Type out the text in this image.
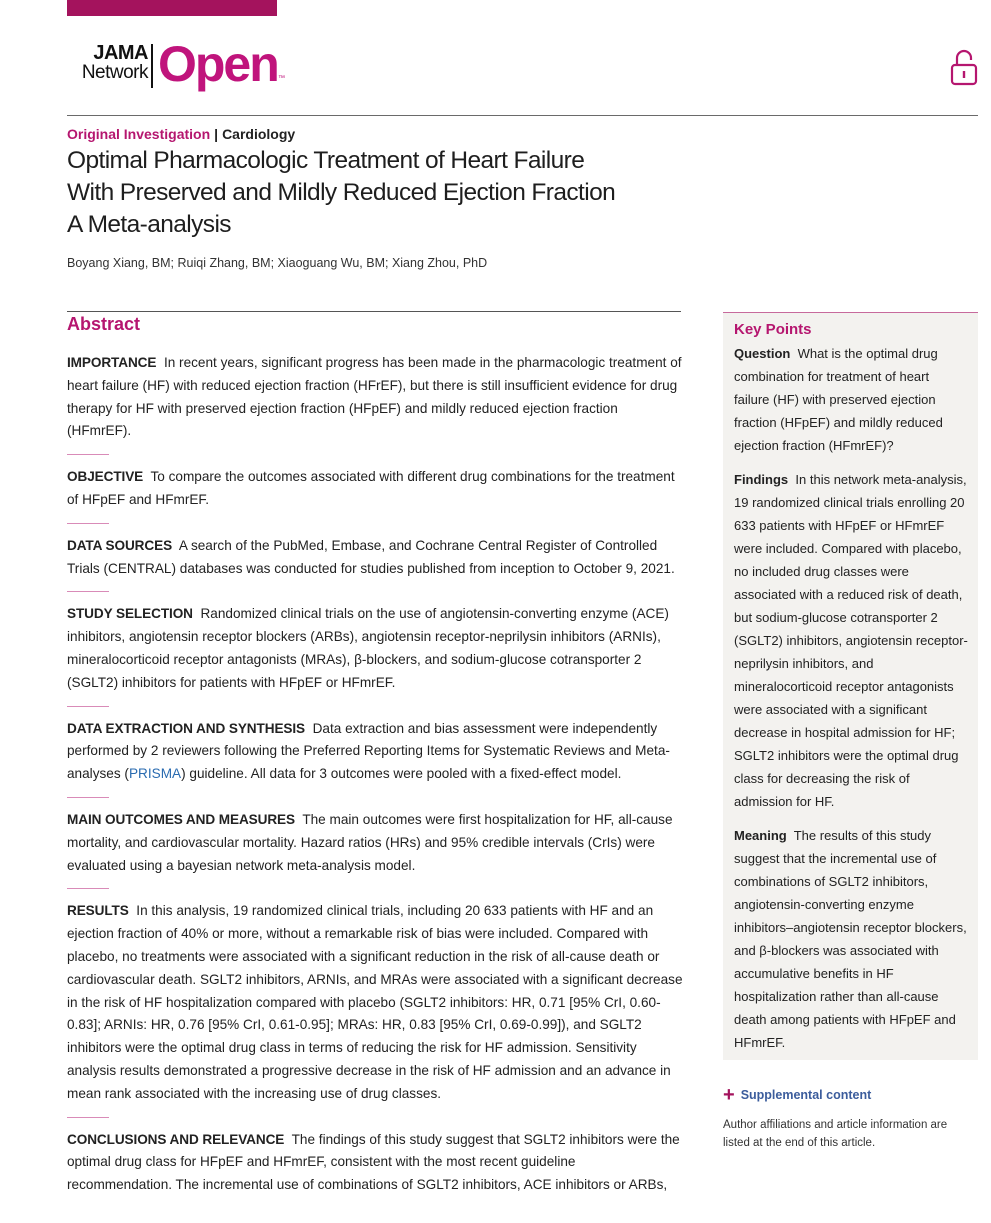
JAMA
Network Open ™
Original Investigation | Cardiology
Optimal Pharmacologic Treatment of Heart Failure
With Preserved and Mildly Reduced Ejection Fraction
A Meta-analysis
Boyang Xiang, BM; Ruiqi Zhang, BM; Xiaoguang Wu, BM; Xiang Zhou, PhD
Abstract

IMPORTANCE In recent years, significant progress has been made in the pharmacologic treatment of heart failure (HF) with reduced ejection fraction (HFrEF), but there is still insufficient evidence for drug therapy for HF with preserved ejection fraction (HFpEF) and mildly reduced ejection fraction (HFmrEF).

OBJECTIVE To compare the outcomes associated with different drug combinations for the treatment of HFpEF and HFmrEF.

DATA SOURCES A search of the PubMed, Embase, and Cochrane Central Register of Controlled Trials (CENTRAL) databases was conducted for studies published from inception to October 9, 2021.

STUDY SELECTION Randomized clinical trials on the use of angiotensin-converting enzyme (ACE) inhibitors, angiotensin receptor blockers (ARBs), angiotensin receptor-neprilysin inhibitors (ARNIs), mineralocorticoid receptor antagonists (MRAs), β-blockers, and sodium-glucose cotransporter 2 (SGLT2) inhibitors for patients with HFpEF or HFmrEF.

DATA EXTRACTION AND SYNTHESIS Data extraction and bias assessment were independently performed by 2 reviewers following the Preferred Reporting Items for Systematic Reviews and Meta-analyses (PRISMA) guideline. All data for 3 outcomes were pooled with a fixed-effect model.

MAIN OUTCOMES AND MEASURES The main outcomes were first hospitalization for HF, all-cause mortality, and cardiovascular mortality. Hazard ratios (HRs) and 95% credible intervals (CrIs) were evaluated using a bayesian network meta-analysis model.

RESULTS In this analysis, 19 randomized clinical trials, including 20 633 patients with HF and an ejection fraction of 40% or more, without a remarkable risk of bias were included. Compared with placebo, no treatments were associated with a significant reduction in the risk of all-cause death or cardiovascular death. SGLT2 inhibitors, ARNIs, and MRAs were associated with a significant decrease in the risk of HF hospitalization compared with placebo (SGLT2 inhibitors: HR, 0.71 [95% CrI, 0.60-0.83]; ARNIs: HR, 0.76 [95% CrI, 0.61-0.95]; MRAs: HR, 0.83 [95% CrI, 0.69-0.99]), and SGLT2 inhibitors were the optimal drug class in terms of reducing the risk for HF admission. Sensitivity analysis results demonstrated a progressive decrease in the risk of HF admission and an advance in mean rank associated with the increasing use of drug classes.

CONCLUSIONS AND RELEVANCE The findings of this study suggest that SGLT2 inhibitors were the optimal drug class for HFpEF and HFmrEF, consistent with the most recent guideline recommendation. The incremental use of combinations of SGLT2 inhibitors, ACE inhibitors or ARBs,

Key Points

Question What is the optimal drug combination for treatment of heart failure (HF) with preserved ejection fraction (HFpEF) and mildly reduced ejection fraction (HFmrEF)?

Findings In this network meta-analysis, 19 randomized clinical trials enrolling 20 633 patients with HFpEF or HFmrEF were included. Compared with placebo, no included drug classes were associated with a reduced risk of death, but sodium-glucose cotransporter 2 (SGLT2) inhibitors, angiotensin receptor-neprilysin inhibitors, and mineralocorticoid receptor antagonists were associated with a significant decrease in hospital admission for HF; SGLT2 inhibitors were the optimal drug class for decreasing the risk of admission for HF.

Meaning The results of this study suggest that the incremental use of combinations of SGLT2 inhibitors, angiotensin-converting enzyme inhibitors–angiotensin receptor blockers, and β-blockers was associated with accumulative benefits in HF hospitalization rather than all-cause death among patients with HFpEF and HFmrEF.

+ Supplemental content
Author affiliations and article information are listed at the end of this article.
